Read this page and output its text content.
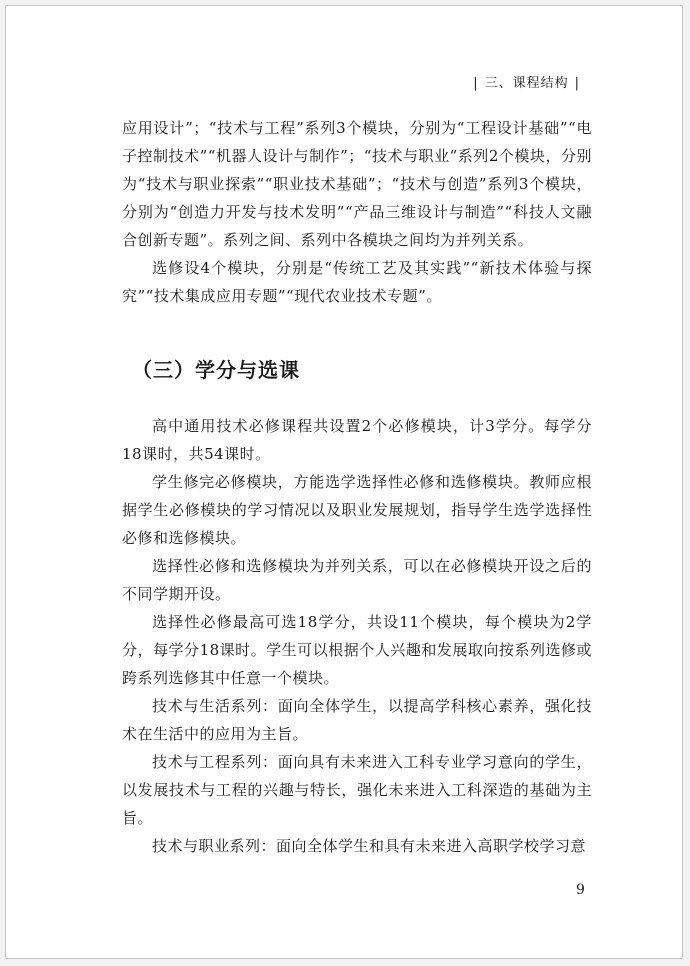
| 三、课程结构 |

应用设计”；“技术与工程”系列3个模块，分别为“工程设计基础”“电子控制技术”“机器人设计与制作”；“技术与职业”系列2个模块，分别为“技术与职业探索”“职业技术基础”；“技术与创造”系列3个模块，分别为“创造力开发与技术发明”“产品三维设计与制造”“科技人文融合创新专题”。系列之间、系列中各模块之间均为并列关系。

选修设4个模块，分别是“传统工艺及其实践”“新技术体验与探究”“技术集成应用专题”“现代农业技术专题”。

（三）学分与选课

高中通用技术必修课程共设置2个必修模块，计3学分。每学分18课时，共54课时。

学生修完必修模块，方能选学选择性必修和选修模块。教师应根据学生必修模块的学习情况以及职业发展规划，指导学生选学选择性必修和选修模块。

选择性必修和选修模块为并列关系，可以在必修模块开设之后的不同学期开设。

选择性必修最高可选18学分，共设11个模块，每个模块为2学分，每学分18课时。学生可以根据个人兴趣和发展取向按系列选修或跨系列选修其中任意一个模块。

技术与生活系列：面向全体学生，以提高学科核心素养，强化技术在生活中的应用为主旨。

技术与工程系列：面向具有未来进入工科专业学习意向的学生，以发展技术与工程的兴趣与特长，强化未来进入工科深造的基础为主旨。

技术与职业系列：面向全体学生和具有未来进入高职学校学习意

9
